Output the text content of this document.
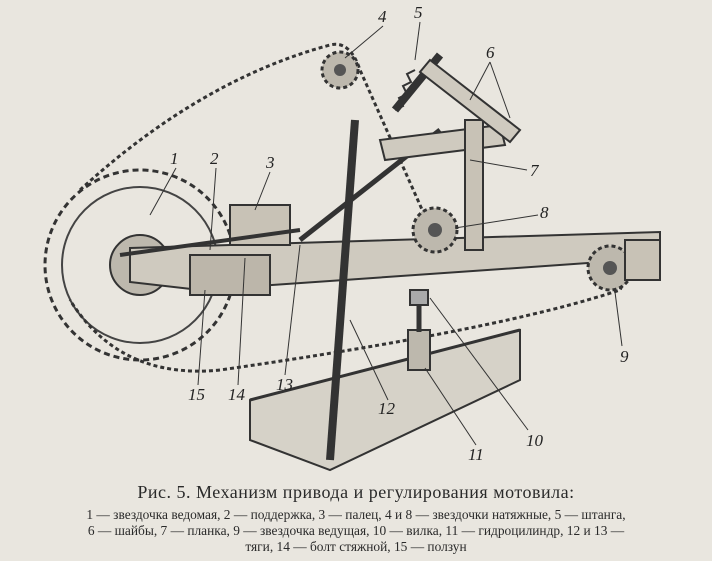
1 2	3
4 5
6
7
8
9
10
11
12
13
14
15

Рис. 5. Механизм привода и регулирования мотовила:

1 — звездочка ведомая, 2 — поддержка, 3 — палец, 4 и 8 — звездочки натяжные, 5 — штанга,
6 — шайбы, 7 — планка, 9 — звездочка ведущая, 10 — вилка, 11 — гидроцилиндр, 12 и 13 —
тяги, 14 — болт стяжной, 15 — ползун
